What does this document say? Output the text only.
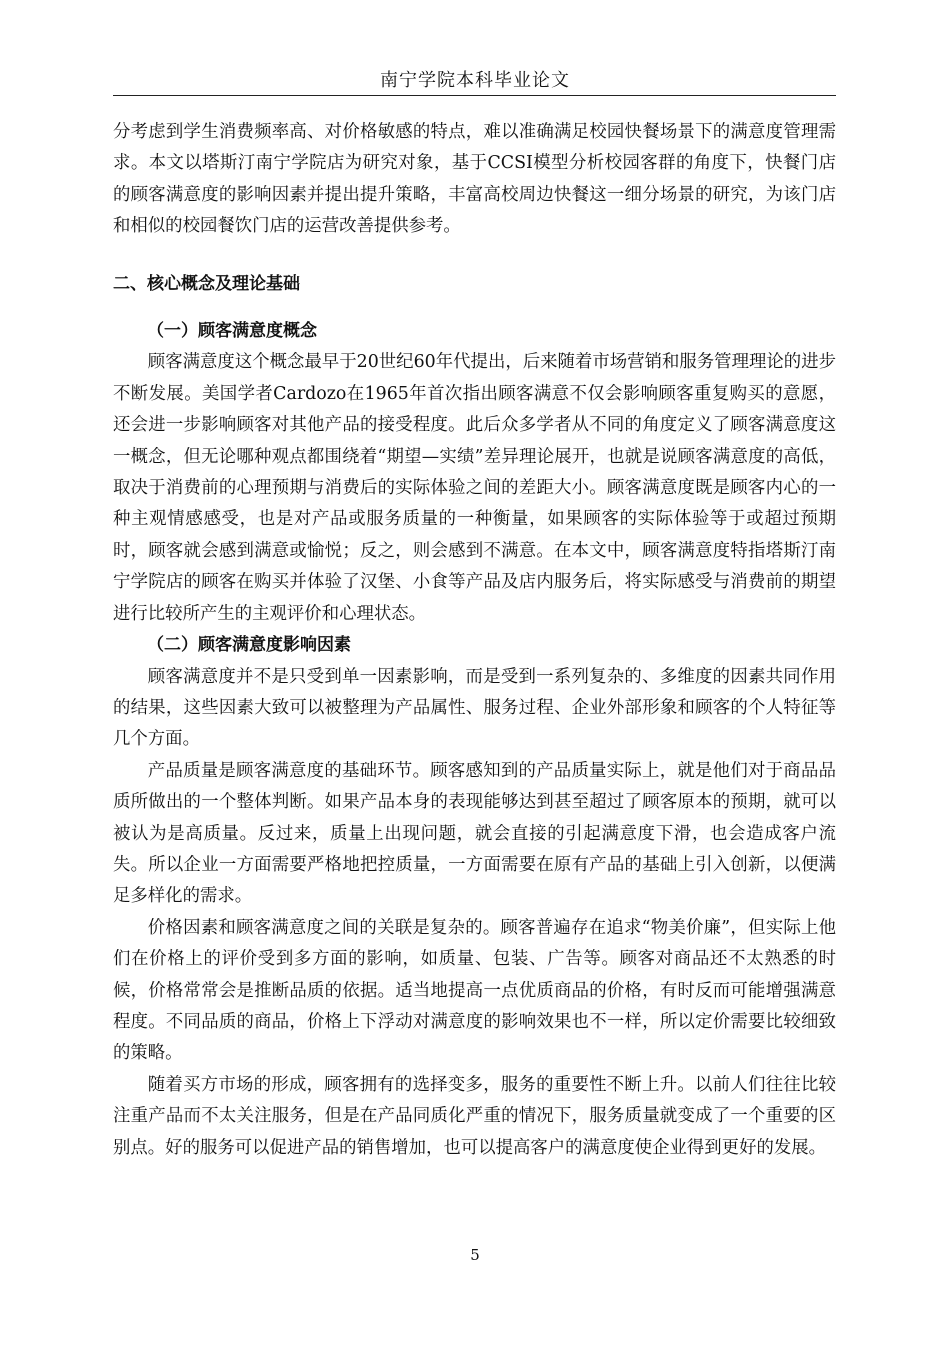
南宁学院本科毕业论文

分考虑到学生消费频率高、对价格敏感的特点，难以准确满足校园快餐场景下的满意度管理需求。本文以塔斯汀南宁学院店为研究对象，基于CCSI模型分析校园客群的角度下，快餐门店的顾客满意度的影响因素并提出提升策略，丰富高校周边快餐这一细分场景的研究，为该门店和相似的校园餐饮门店的运营改善提供参考。

二、核心概念及理论基础
（一）顾客满意度概念

顾客满意度这个概念最早于20世纪60年代提出，后来随着市场营销和服务管理理论的进步不断发展。美国学者Cardozo在1965年首次指出顾客满意不仅会影响顾客重复购买的意愿，还会进一步影响顾客对其他产品的接受程度。此后众多学者从不同的角度定义了顾客满意度这一概念，但无论哪种观点都围绕着“期望—实绩”差异理论展开，也就是说顾客满意度的高低，取决于消费前的心理预期与消费后的实际体验之间的差距大小。顾客满意度既是顾客内心的一种主观情感感受，也是对产品或服务质量的一种衡量，如果顾客的实际体验等于或超过预期时，顾客就会感到满意或愉悦；反之，则会感到不满意。在本文中，顾客满意度特指塔斯汀南宁学院店的顾客在购买并体验了汉堡、小食等产品及店内服务后，将实际感受与消费前的期望进行比较所产生的主观评价和心理状态。

（二）顾客满意度影响因素

顾客满意度并不是只受到单一因素影响，而是受到一系列复杂的、多维度的因素共同作用的结果，这些因素大致可以被整理为产品属性、服务过程、企业外部形象和顾客的个人特征等几个方面。

产品质量是顾客满意度的基础环节。顾客感知到的产品质量实际上，就是他们对于商品品质所做出的一个整体判断。如果产品本身的表现能够达到甚至超过了顾客原本的预期，就可以被认为是高质量。反过来，质量上出现问题，就会直接的引起满意度下滑，也会造成客户流失。所以企业一方面需要严格地把控质量，一方面需要在原有产品的基础上引入创新，以便满足多样化的需求。

价格因素和顾客满意度之间的关联是复杂的。顾客普遍存在追求“物美价廉”，但实际上他们在价格上的评价受到多方面的影响，如质量、包装、广告等。顾客对商品还不太熟悉的时候，价格常常会是推断品质的依据。适当地提高一点优质商品的价格，有时反而可能增强满意程度。不同品质的商品，价格上下浮动对满意度的影响效果也不一样，所以定价需要比较细致的策略。

随着买方市场的形成，顾客拥有的选择变多，服务的重要性不断上升。以前人们往往比较注重产品而不太关注服务，但是在产品同质化严重的情况下，服务质量就变成了一个重要的区别点。好的服务可以促进产品的销售增加，也可以提高客户的满意度使企业得到更好的发展。

5
